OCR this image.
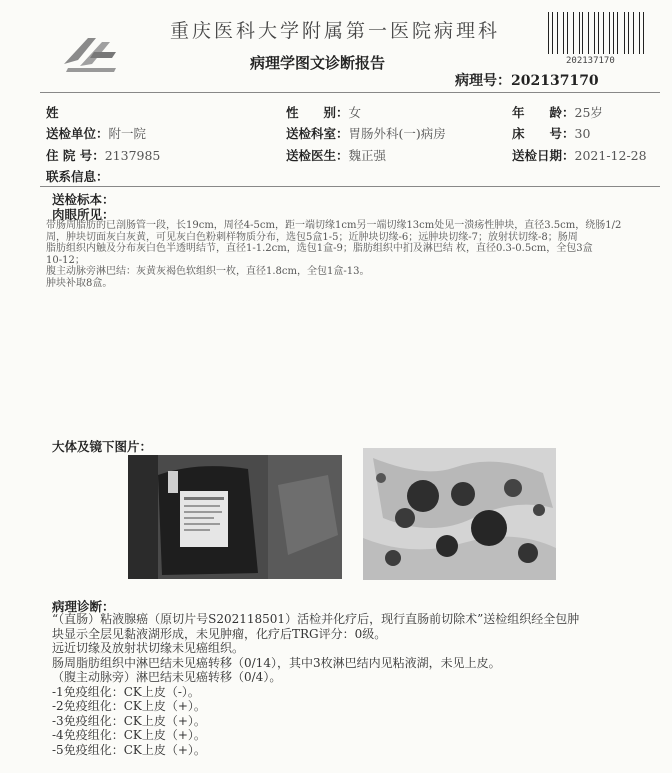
重庆医科大学附属第一医院病理科
病理学图文诊断报告	202137170
病理号：202137170
姓
送检单位：附一院
住 院 号：2137985
联系信息：
性　　别：女
送检科室：胃肠外科(一)病房
送检医生：魏正强
年　　龄：25岁
床　　号：30
送检日期：2021-12-28
送检标本：
肉眼所见：
带肠周脂肪的已剖肠管一段，长19cm，周径4-5cm，距一端切缘1cm另一端切缘13cm处见一溃疡性肿块，直径3.5cm，绕肠1/2
周，肿块切面灰白灰黄，可见灰白色粉刺样物质分布，选包5盒1-5；近肿块切缘-6；远肿块切缘-7；放射状切缘-8；肠周
脂肪组织内触及分布灰白色半透明结节，直径1-1.2cm，选包1盒-9；脂肪组织中扪及淋巴结 枚，直径0.3-0.5cm，全包3盒
10-12；
腹主动脉旁淋巴结：灰黄灰褐色软组织一枚，直径1.8cm，全包1盒-13。
肿块补取8盒。
大体及镜下图片：
病理诊断：
“（直肠）粘液腺癌（原切片号S202118501）活检并化疗后，现行直肠前切除术”送检组织经全包肿
块显示全层见黏液湖形成，未见肿瘤，化疗后TRG评分：0级。
远近切缘及放射状切缘未见癌组织。
肠周脂肪组织中淋巴结未见癌转移（0/14），其中3枚淋巴结内见粘液湖，未见上皮。
（腹主动脉旁）淋巴结未见癌转移（0/4）。
-1免疫组化：CK上皮（-）。
-2免疫组化：CK上皮（+）。
-3免疫组化：CK上皮（+）。
-4免疫组化：CK上皮（+）。
-5免疫组化：CK上皮（+）。
